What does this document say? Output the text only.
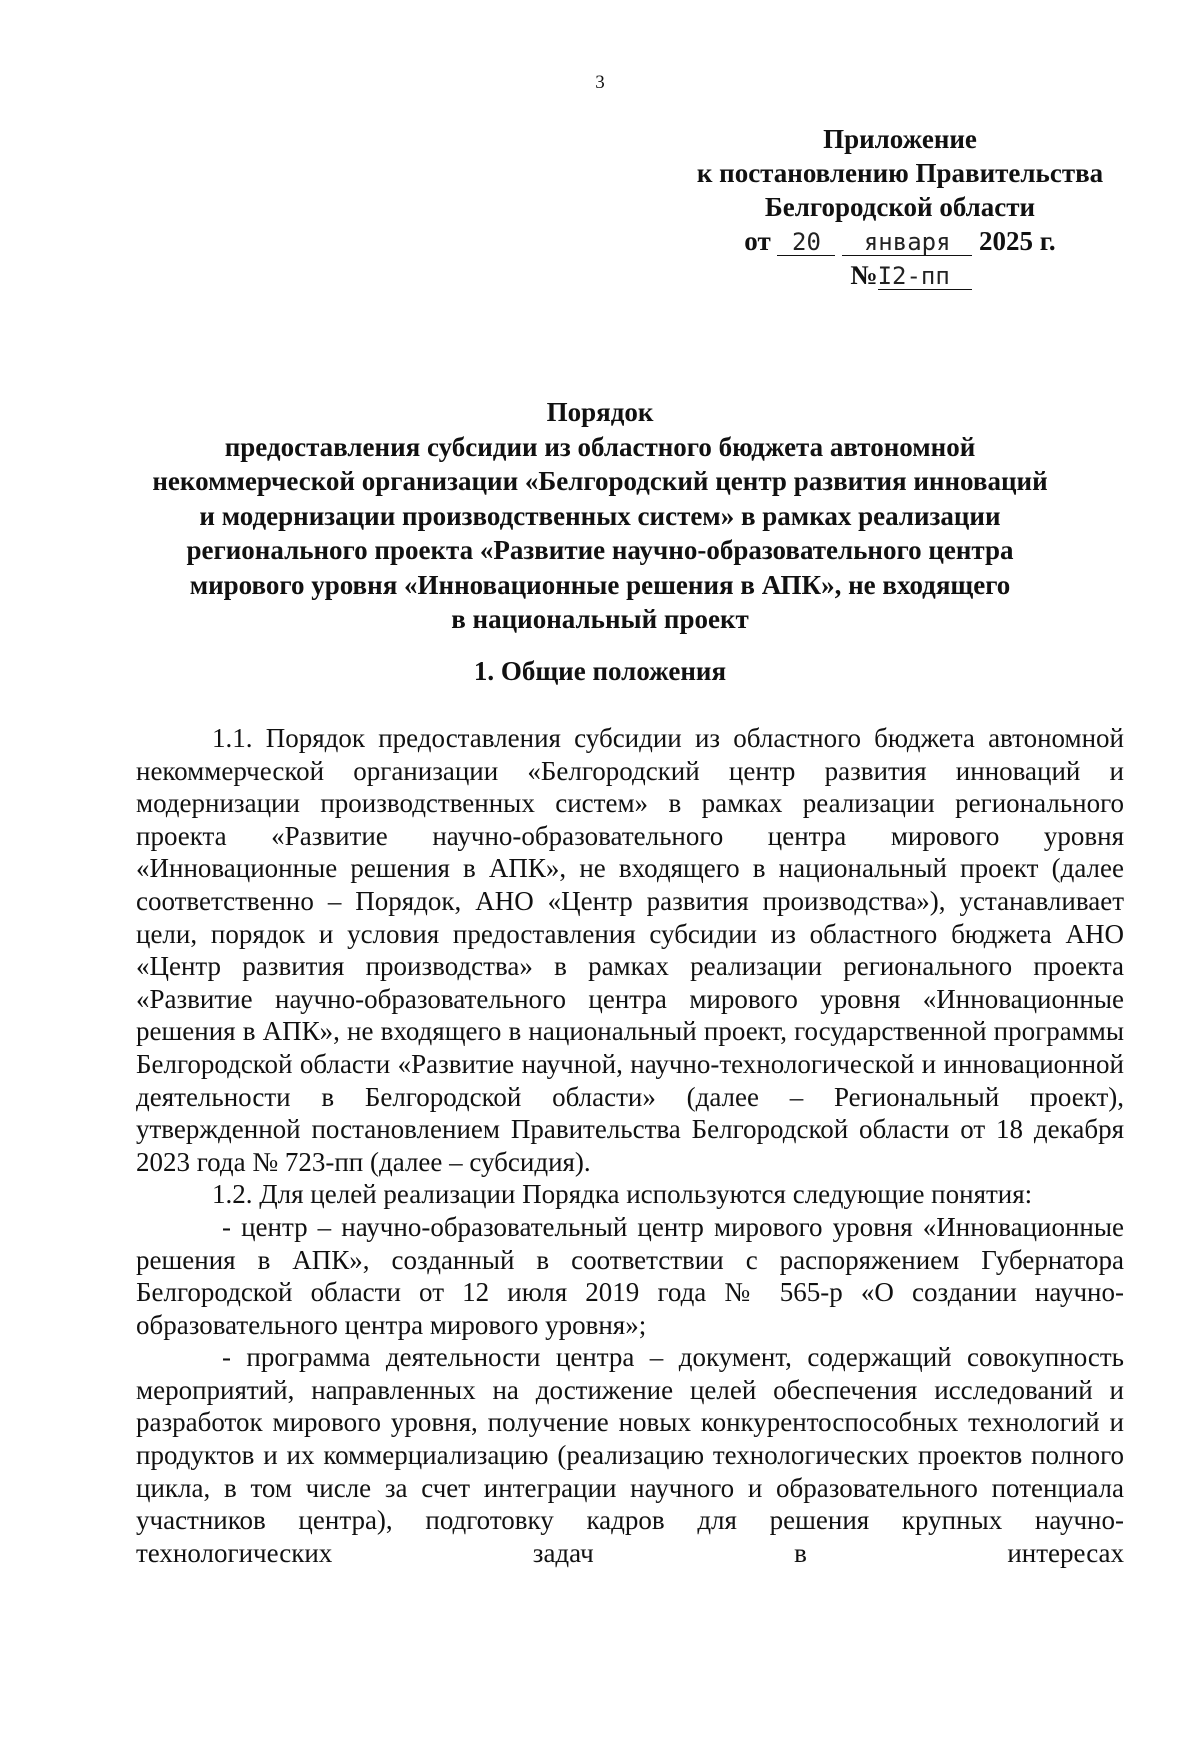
3
Приложение
к постановлению Правительства
Белгородской области
от 20 января 2025 г.
№I2-пп
Порядок
предоставления субсидии из областного бюджета автономной
некоммерческой организации «Белгородский центр развития инноваций
и модернизации производственных систем» в рамках реализации
регионального проекта «Развитие научно-образовательного центра
мирового уровня «Инновационные решения в АПК», не входящего
в национальный проект
1. Общие положения

1.1. Порядок предоставления субсидии из областного бюджета автономной некоммерческой организации «Белгородский центр развития инноваций и модернизации производственных систем» в рамках реализации регионального проекта «Развитие научно-образовательного центра мирового уровня «Инновационные решения в АПК», не входящего в национальный проект (далее соответственно – Порядок, АНО «Центр развития производства»), устанавливает цели, порядок и условия предоставления субсидии из областного бюджета АНО «Центр развития производства» в рамках реализации регионального проекта «Развитие научно-образовательного центра мирового уровня «Инновационные решения в АПК», не входящего в национальный проект, государственной программы Белгородской области «Развитие научной, научно-технологической и инновационной деятельности в Белгородской области» (далее – Региональный проект), утвержденной постановлением Правительства Белгородской области от 18 декабря 2023 года № 723-пп (далее – субсидия).

1.2. Для целей реализации Порядка используются следующие понятия:

- центр – научно-образовательный центр мирового уровня «Инновационные решения в АПК», созданный в соответствии с распоряжением Губернатора Белгородской области от 12 июля 2019 года № 565-р «О создании научно-образовательного центра мирового уровня»;

- программа деятельности центра – документ, содержащий совокупность мероприятий, направленных на достижение целей обеспечения исследований и разработок мирового уровня, получение новых конкурентоспособных технологий и продуктов и их коммерциализацию (реализацию технологических проектов полного цикла, в том числе за счет интеграции научного и образовательного потенциала участников центра), подготовку кадров для решения крупных научно-технологических задач в интересах
